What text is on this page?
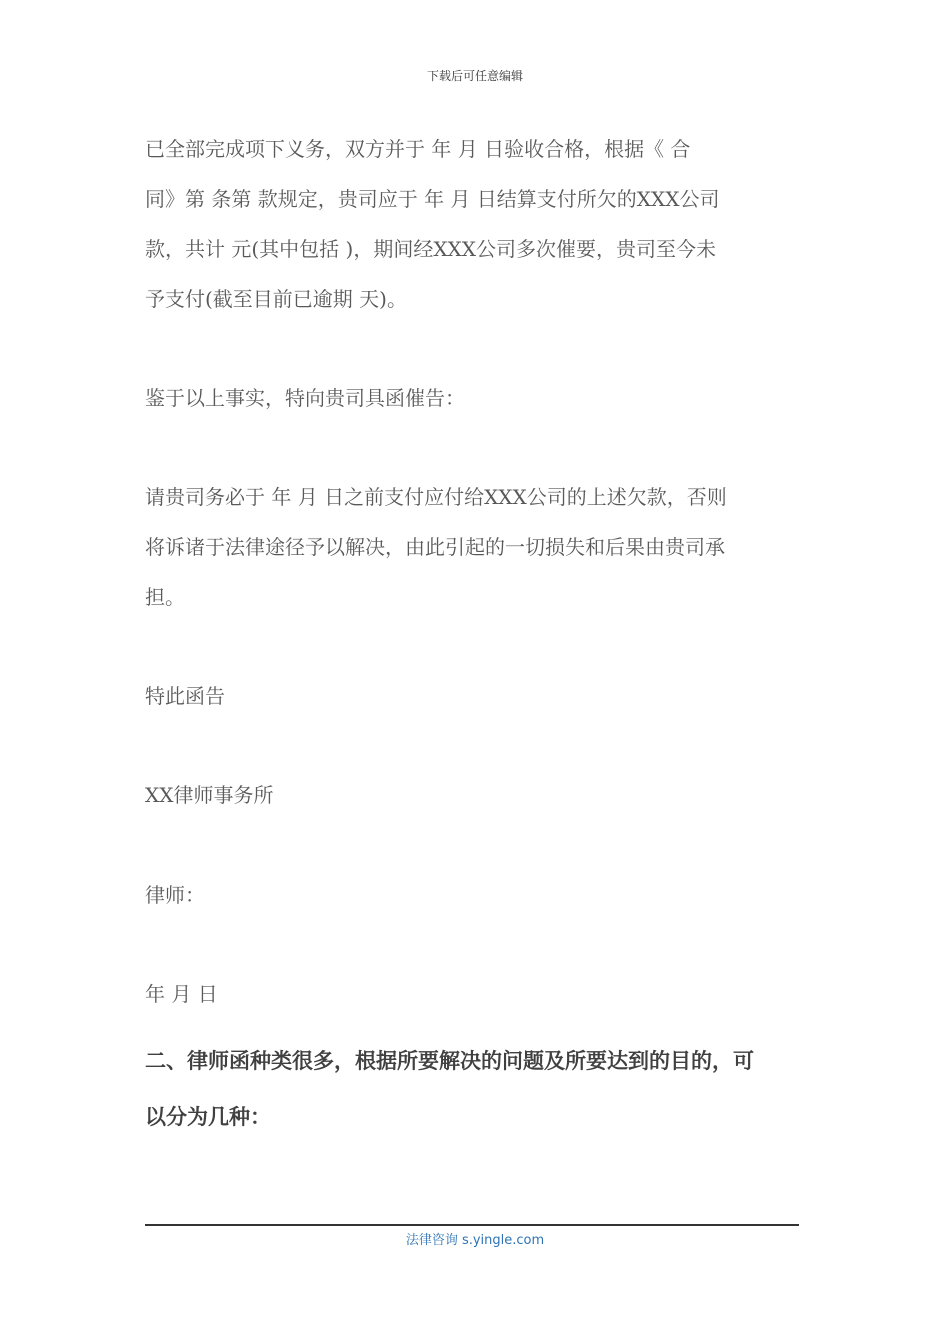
下载后可任意编辑
已全部完成项下义务，双方并于 年 月 日验收合格，根据《 合
同》第 条第 款规定，贵司应于 年 月 日结算支付所欠的XXX公司
款，共计 元(其中包括 )，期间经XXX公司多次催要，贵司至今未
予支付(截至目前已逾期 天)。
鉴于以上事实，特向贵司具函催告：
请贵司务必于 年 月 日之前支付应付给XXX公司的上述欠款，否则
将诉诸于法律途径予以解决，由此引起的一切损失和后果由贵司承
担。
特此函告
XX律师事务所
律师：
年 月 日
二、律师函种类很多，根据所要解决的问题及所要达到的目的，可
以分为几种：
法律咨询 s.yingle.com
